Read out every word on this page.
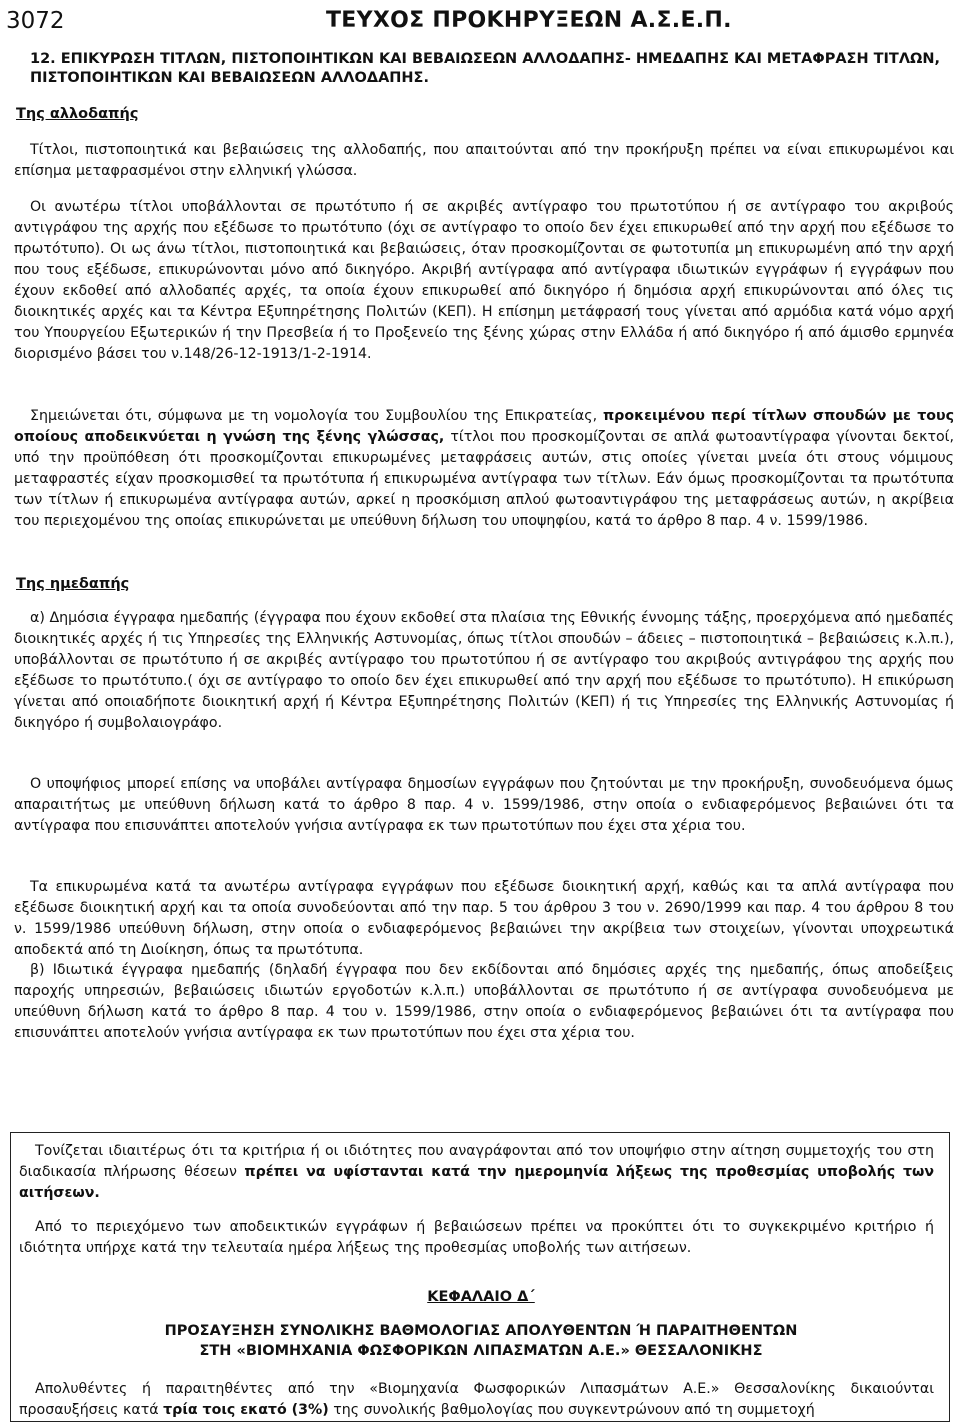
3072	ΤΕΥΧΟΣ ΠΡΟΚΗΡΥΞΕΩΝ Α.Σ.Ε.Π.
12. ΕΠΙΚΥΡΩΣΗ ΤΙΤΛΩΝ, ΠΙΣΤΟΠΟΙΗΤΙΚΩΝ ΚΑΙ ΒΕΒΑΙΩΣΕΩΝ ΑΛΛΟΔΑΠΗΣ- ΗΜΕΔΑΠΗΣ ΚΑΙ ΜΕΤΑΦΡΑΣΗ ΤΙΤΛΩΝ, ΠΙΣΤΟΠΟΙΗΤΙΚΩΝ ΚΑΙ ΒΕΒΑΙΩΣΕΩΝ ΑΛΛΟΔΑΠΗΣ.
Της αλλοδαπής

Τίτλοι, πιστοποιητικά και βεβαιώσεις της αλλοδαπής, που απαιτούνται από την προκήρυξη πρέπει να είναι επικυρωμένοι και επίσημα μεταφρασμένοι στην ελληνική γλώσσα.

Οι ανωτέρω τίτλοι υποβάλλονται σε πρωτότυπο ή σε ακριβές αντίγραφο του πρωτοτύπου ή σε αντίγραφο του ακριβούς αντιγράφου της αρχής που εξέδωσε το πρωτότυπο (όχι σε αντίγραφο το οποίο δεν έχει επικυρωθεί από την αρχή που εξέδωσε το πρωτότυπο). Οι ως άνω τίτλοι, πιστοποιητικά και βεβαιώσεις, όταν προσκομίζονται σε φωτοτυπία μη επικυρωμένη από την αρχή που τους εξέδωσε, επικυρώνονται μόνο από δικηγόρο. Ακριβή αντίγραφα από αντίγραφα ιδιωτικών εγγράφων ή εγγράφων που έχουν εκδοθεί από αλλοδαπές αρχές, τα οποία έχουν επικυρωθεί από δικηγόρο ή δημόσια αρχή επικυρώνονται από όλες τις διοικητικές αρχές και τα Κέντρα Εξυπηρέτησης Πολιτών (ΚΕΠ). Η επίσημη μετάφρασή τους γίνεται από αρμόδια κατά νόμο αρχή του Υπουργείου Εξωτερικών ή την Πρεσβεία ή το Προξενείο της ξένης χώρας στην Ελλάδα ή από δικηγόρο ή από άμισθο ερμηνέα διορισμένο βάσει του ν.148/26-12-1913/1-2-1914.

Σημειώνεται ότι, σύμφωνα με τη νομολογία του Συμβουλίου της Επικρατείας, προκειμένου περί τίτλων σπουδών με τους οποίους αποδεικνύεται η γνώση της ξένης γλώσσας, τίτλοι που προσκομίζονται σε απλά φωτοαντίγραφα γίνονται δεκτοί, υπό την προϋπόθεση ότι προσκομίζονται επικυρωμένες μεταφράσεις αυτών, στις οποίες γίνεται μνεία ότι στους νόμιμους μεταφραστές είχαν προσκομισθεί τα πρωτότυπα ή επικυρωμένα αντίγραφα των τίτλων. Εάν όμως προσκομίζονται τα πρωτότυπα των τίτλων ή επικυρωμένα αντίγραφα αυτών, αρκεί η προσκόμιση απλού φωτοαντιγράφου της μεταφράσεως αυτών, η ακρίβεια του περιεχομένου της οποίας επικυρώνεται με υπεύθυνη δήλωση του υποψηφίου, κατά το άρθρο 8 παρ. 4 ν. 1599/1986.

Της ημεδαπής

α) Δημόσια έγγραφα ημεδαπής (έγγραφα που έχουν εκδοθεί στα πλαίσια της Εθνικής έννομης τάξης, προερχόμενα από ημεδαπές διοικητικές αρχές ή τις Υπηρεσίες της Ελληνικής Αστυνομίας, όπως τίτλοι σπουδών – άδειες – πιστοποιητικά – βεβαιώσεις κ.λ.π.), υποβάλλονται σε πρωτότυπο ή σε ακριβές αντίγραφο του πρωτοτύπου ή σε αντίγραφο του ακριβούς αντιγράφου της αρχής που εξέδωσε το πρωτότυπο.( όχι σε αντίγραφο το οποίο δεν έχει επικυρωθεί από την αρχή που εξέδωσε το πρωτότυπο). Η επικύρωση γίνεται από οποιαδήποτε διοικητική αρχή ή Κέντρα Εξυπηρέτησης Πολιτών (ΚΕΠ) ή τις Υπηρεσίες της Ελληνικής Αστυνομίας ή δικηγόρο ή συμβολαιογράφο.

Ο υποψήφιος μπορεί επίσης να υποβάλει αντίγραφα δημοσίων εγγράφων που ζητούνται με την προκήρυξη, συνοδευόμενα όμως απαραιτήτως με υπεύθυνη δήλωση κατά το άρθρο 8 παρ. 4 ν. 1599/1986, στην οποία ο ενδιαφερόμενος βεβαιώνει ότι τα αντίγραφα που επισυνάπτει αποτελούν γνήσια αντίγραφα εκ των πρωτοτύπων που έχει στα χέρια του.

Τα επικυρωμένα κατά τα ανωτέρω αντίγραφα εγγράφων που εξέδωσε διοικητική αρχή, καθώς και τα απλά αντίγραφα που εξέδωσε διοικητική αρχή και τα οποία συνοδεύονται από την παρ. 5 του άρθρου 3 του ν. 2690/1999 και παρ. 4 του άρθρου 8 του ν. 1599/1986 υπεύθυνη δήλωση, στην οποία ο ενδιαφερόμενος βεβαιώνει την ακρίβεια των στοιχείων, γίνονται υποχρεωτικά αποδεκτά από τη Διοίκηση, όπως τα πρωτότυπα.

β) Ιδιωτικά έγγραφα ημεδαπής (δηλαδή έγγραφα που δεν εκδίδονται από δημόσιες αρχές της ημεδαπής, όπως αποδείξεις παροχής υπηρεσιών, βεβαιώσεις ιδιωτών εργοδοτών κ.λ.π.) υποβάλλονται σε πρωτότυπο ή σε αντίγραφα συνοδευόμενα με υπεύθυνη δήλωση κατά το άρθρο 8 παρ. 4 του ν. 1599/1986, στην οποία ο ενδιαφερόμενος βεβαιώνει ότι τα αντίγραφα που επισυνάπτει αποτελούν γνήσια αντίγραφα εκ των πρωτοτύπων που έχει στα χέρια του.

Τονίζεται ιδιαιτέρως ότι τα κριτήρια ή οι ιδιότητες που αναγράφονται από τον υποψήφιο στην αίτηση συμμετοχής του στη διαδικασία πλήρωσης θέσεων πρέπει να υφίστανται κατά την ημερομηνία λήξεως της προθεσμίας υποβολής των αιτήσεων.

Από το περιεχόμενο των αποδεικτικών εγγράφων ή βεβαιώσεων πρέπει να προκύπτει ότι το συγκεκριμένο κριτήριο ή ιδιότητα υπήρχε κατά την τελευταία ημέρα λήξεως της προθεσμίας υποβολής των αιτήσεων.

ΚΕΦΑΛΑΙΟ Δ΄
ΠΡΟΣΑΥΞΗΣΗ ΣΥΝΟΛΙΚΗΣ ΒΑΘΜΟΛΟΓΙΑΣ ΑΠΟΛΥΘΕΝΤΩΝ Ή ΠΑΡΑΙΤΗΘΕΝΤΩΝ
ΣΤΗ «ΒΙΟΜΗΧΑΝΙΑ ΦΩΣΦΟΡΙΚΩΝ ΛΙΠΑΣΜΑΤΩΝ Α.Ε.» ΘΕΣΣΑΛΟΝΙΚΗΣ

Απολυθέντες ή παραιτηθέντες από την «Βιομηχανία Φωσφορικών Λιπασμάτων Α.Ε.» Θεσσαλονίκης δικαιούνται προσαυξήσεις κατά τρία τοις εκατό (3%) της συνολικής βαθμολογίας που συγκεντρώνουν από τη συμμετοχή
